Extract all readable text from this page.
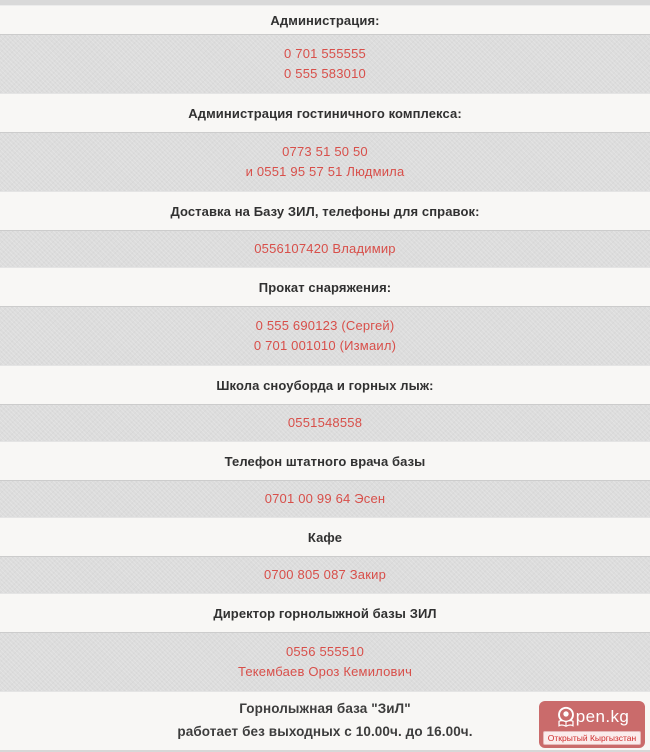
Администрация:
0 701 555555
0 555 583010
Администрация гостиничного комплекса:
0773 51 50 50
и 0551 95 57 51 Людмила
Доставка на Базу ЗИЛ, телефоны для справок:
0556107420 Владимир
Прокат снаряжения:
0 555 690123 (Сергей)
0 701 001010 (Измаил)
Школа сноуборда и горных лыж:
0551548558
Телефон штатного врача базы
0701 00 99 64 Эсен
Кафе
0700 805 087 Закир
Директор горнолыжной базы ЗИЛ
0556 555510
Текембаев Ороз Кемилович
Горнолыжная база "ЗиЛ"
работает без выходных с 10.00ч. до 16.00ч.
pen.kg
Открытый Кыргызстан
